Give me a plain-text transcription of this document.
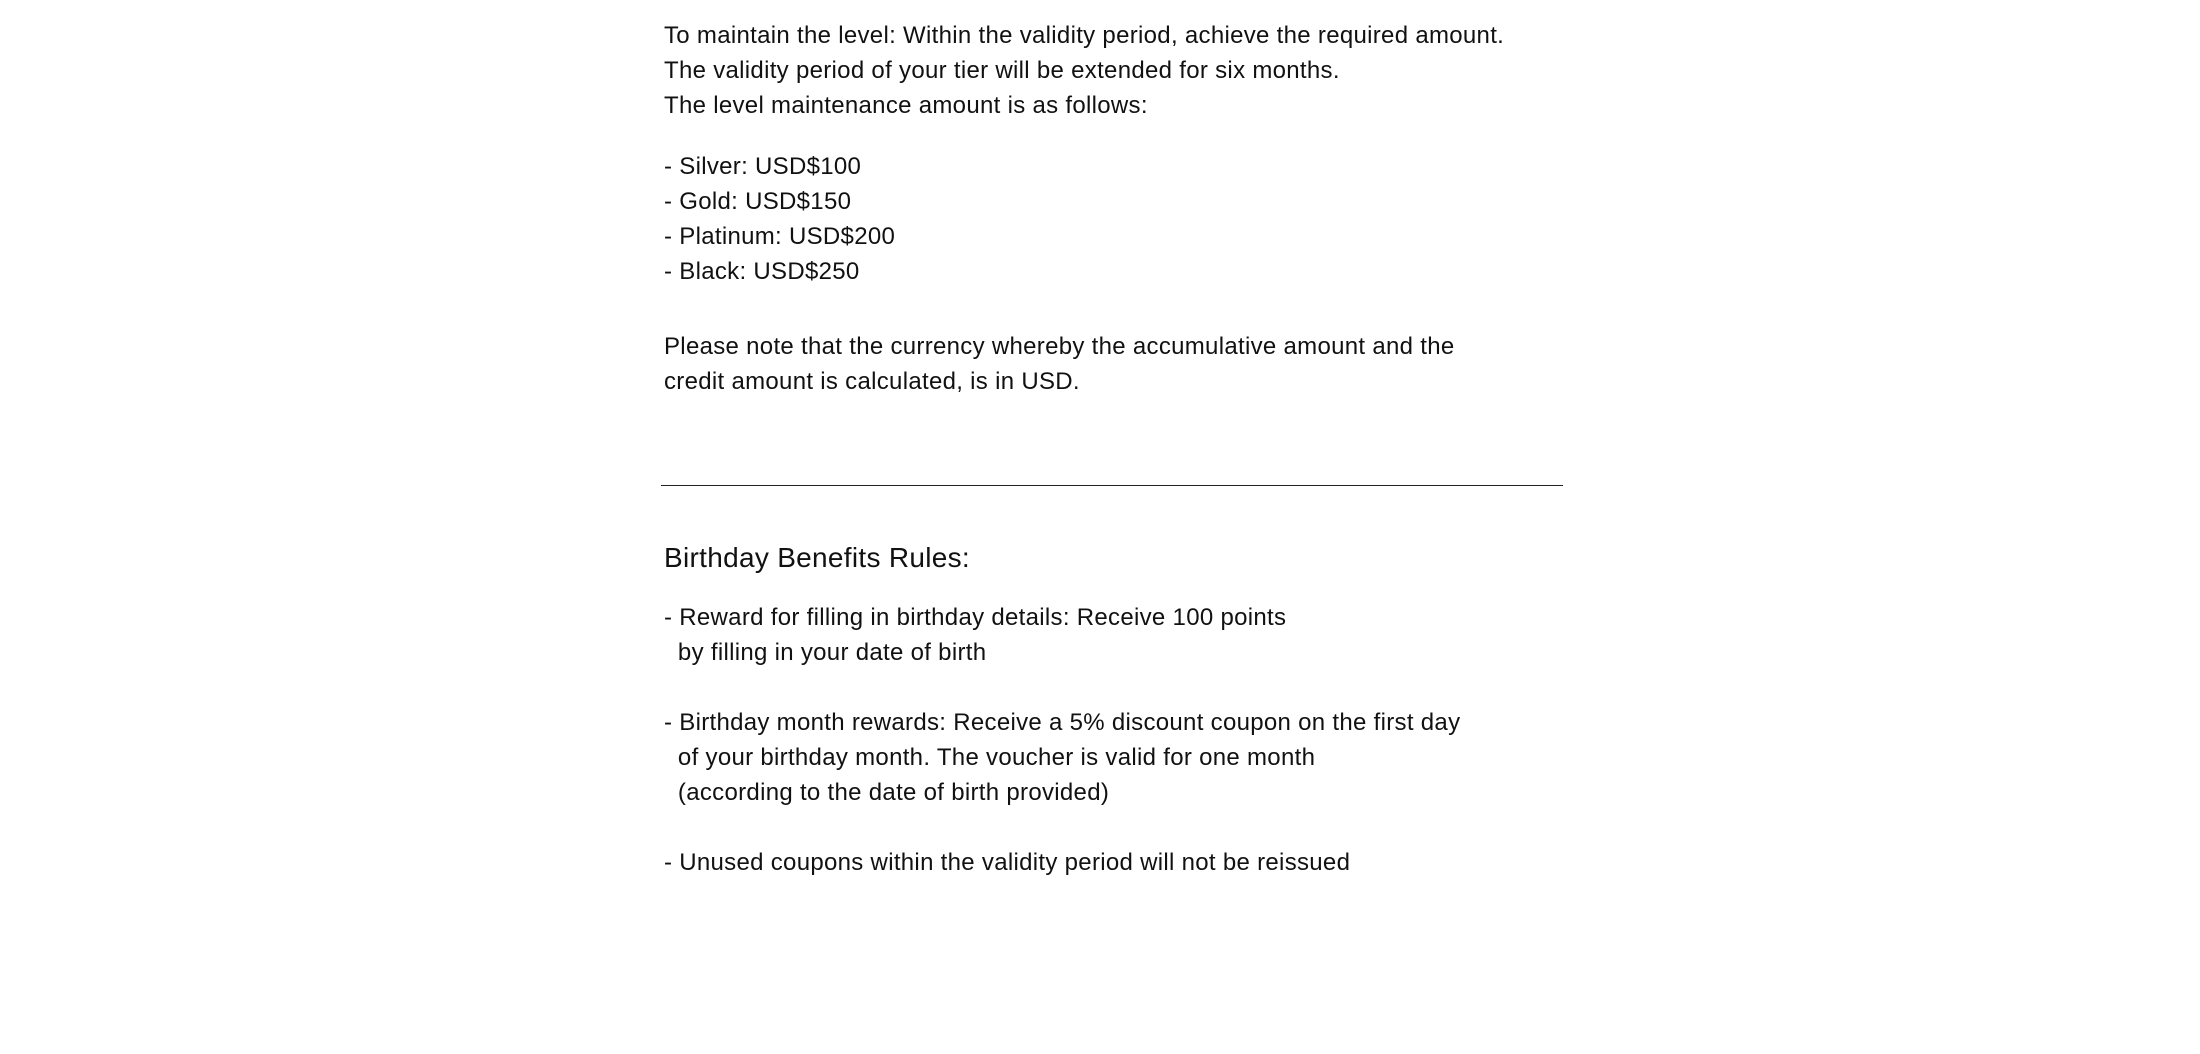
To maintain the level: Within the validity period, achieve the required amount.

The validity period of your tier will be extended for six months.

The level maintenance amount is as follows:

- Silver: USD$100

- Gold: USD$150

- Platinum: USD$200

- Black: USD$250

Please note that the currency whereby the accumulative amount and the

credit amount is calculated, is in USD.

Birthday Benefits Rules:

- Reward for filling in birthday details: Receive 100 points

by filling in your date of birth

- Birthday month rewards: Receive a 5% discount coupon on the first day

of your birthday month. The voucher is valid for one month

(according to the date of birth provided)

- Unused coupons within the validity period will not be reissued
